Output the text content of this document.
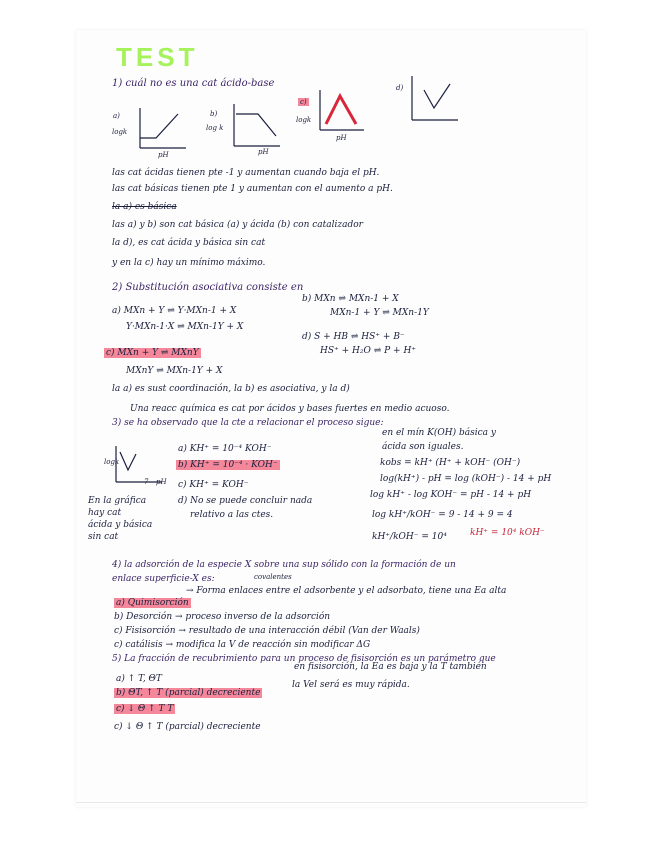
TEST
1) cuál no es una cat ácido-base
a)
logk
pH
b)
log k
pH
c)
logk
pH
d)
las cat ácidas tienen pte -1 y aumentan cuando baja el pH.
las cat básicas tienen pte 1 y aumentan con el aumento a pH.
la a) es básica
las a) y b) son cat básica (a) y ácida (b) con catalizador
la d), es cat ácida y básica sin cat
y en la c) hay un mínimo máximo.
2) Substitución asociativa consiste en
a) MXn + Y ⇌ Y·MXn-1 + X
Y·MXn-1·X ⇌ MXn-1Y + X
b) MXn ⇌ MXn-1 + X
MXn-1 + Y ⇌ MXn-1Y
c) MXn + Y ⇌ MXnY
MXnY ⇌ MXn-1Y + X
d) S + HB ⇌ HS⁺ + B⁻
HS⁺ + H₂O ⇌ P + H⁺
la a) es sust coordinación, la b) es asociativa, y la d)
Una reacc química es cat por ácidos y bases fuertes en medio acuoso.
3) se ha observado que la cte a relacionar el proceso sigue:
logk
7 pH
a) KH⁺ = 10⁻⁴ KOH⁻
b) KH⁺ = 10⁻⁴ · KOH⁻
c) KH⁺ = KOH⁻
d) No se puede concluir nada
relativo a las ctes.
En la gráfica
hay cat
ácida y básica
sin cat
en el mín K(OH) básica y
ácida son iguales.
kobs = kH⁺ (H⁺ + kOH⁻ (OH⁻)
log(kH⁺) - pH = log (kOH⁻) - 14 + pH
log kH⁺ - log KOH⁻ = pH - 14 + pH
log kH⁺/kOH⁻ = 9 - 14 + 9 = 4
kH⁺/kOH⁻ = 10⁴	kH⁺ = 10⁴ kOH⁻
4) la adsorción de la especie X sobre una sup sólido con la formación de un
enlace superficie-X es:	covalentes
a) Quimisorción
→ Forma enlaces entre el adsorbente y el adsorbato, tiene una Ea alta
b) Desorción → proceso inverso de la adsorción
c) Fisisorción → resultado de una interacción débil (Van der Waals)
c) catálisis → modifica la V de reacción sin modificar ΔG
5) La fracción de recubrimiento para un proceso de fisisorción es un parámetro que
en fisisorción, la Ea es baja y la T también
a) ↑ T, ΘT
la Vel será es muy rápida.
b) ΘT, ↑ T (parcial) decreciente
c) ↓ Θ ↑ T T
c) ↓ Θ ↑ T (parcial) decreciente
